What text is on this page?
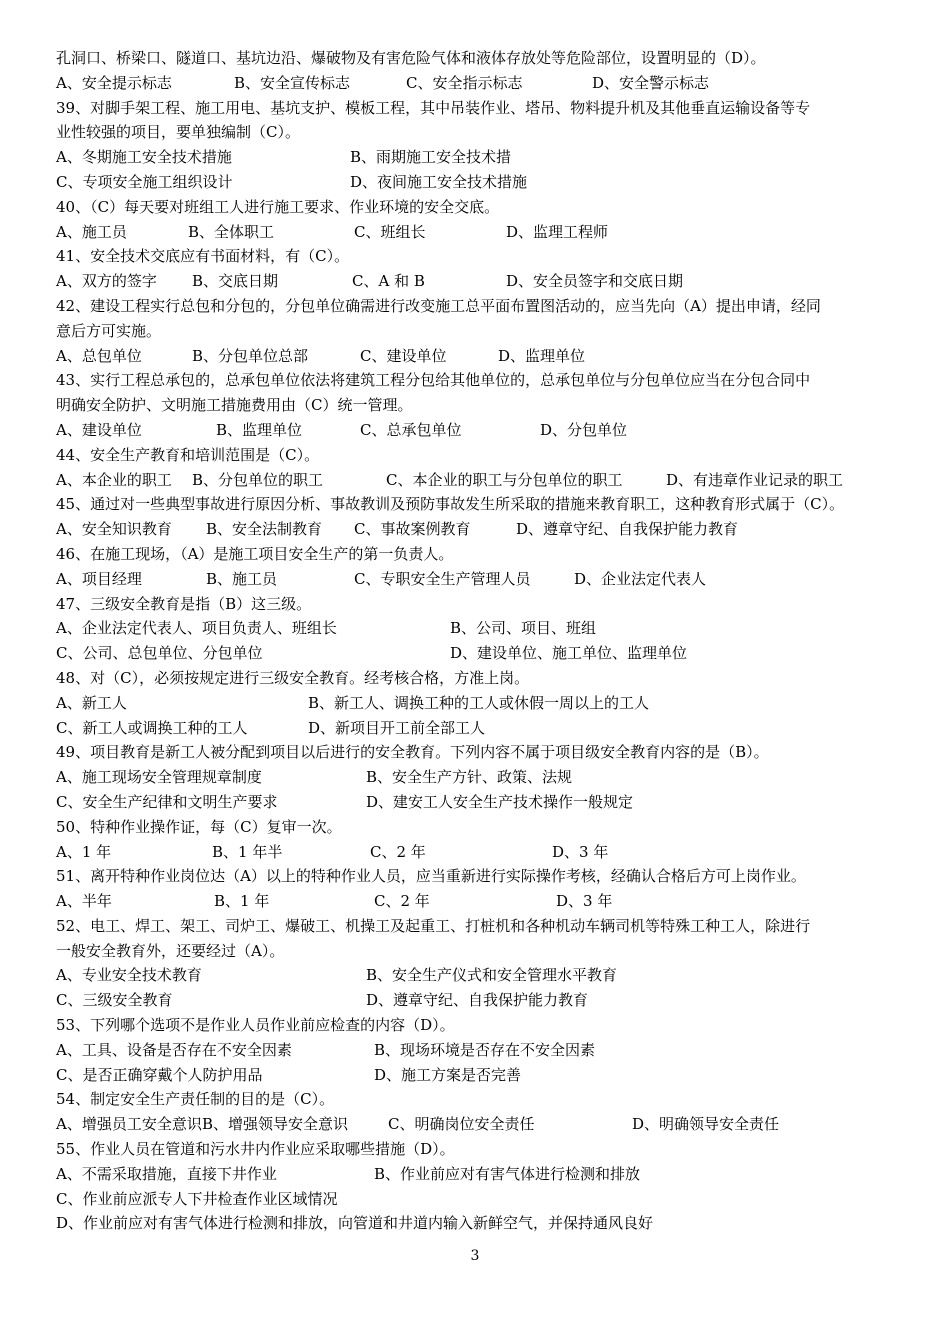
孔洞口、桥梁口、隧道口、基坑边沿、爆破物及有害危险气体和液体存放处等危险部位，设置明显的（D）。
A、安全提示标志	B、安全宣传标志	C、安全指示标志	D、安全警示标志
39、对脚手架工程、施工用电、基坑支护、模板工程，其中吊装作业、塔吊、物料提升机及其他垂直运输设备等专
业性较强的项目，要单独编制（C）。
A、冬期施工安全技术措施	B、雨期施工安全技术措
C、专项安全施工组织设计	D、夜间施工安全技术措施
40、（C）每天要对班组工人进行施工要求、作业环境的安全交底。
A、施工员	B、全体职工	C、班组长	D、监理工程师
41、安全技术交底应有书面材料，有（C）。
A、双方的签字 B、交底日期	C、A 和 B	D、安全员签字和交底日期
42、建设工程实行总包和分包的，分包单位确需进行改变施工总平面布置图活动的，应当先向（A）提出申请，经同
意后方可实施。
A、总包单位	B、分包单位总部	C、建设单位	D、监理单位
43、实行工程总承包的，总承包单位依法将建筑工程分包给其他单位的，总承包单位与分包单位应当在分包合同中
明确安全防护、文明施工措施费用由（C）统一管理。
A、建设单位	B、监理单位	C、总承包单位	D、分包单位
44、安全生产教育和培训范围是（C）。
A、本企业的职工 B、分包单位的职工	C、本企业的职工与分包单位的职工	D、有违章作业记录的职工
45、通过对一些典型事故进行原因分析、事故教训及预防事故发生所采取的措施来教育职工，这种教育形式属于（C）。
A、安全知识教育 B、安全法制教育 C、事故案例教育	D、遵章守纪、自我保护能力教育
46、在施工现场，（A）是施工项目安全生产的第一负责人。
A、项目经理	B、施工员	C、专职安全生产管理人员	D、企业法定代表人
47、三级安全教育是指（B）这三级。
A、企业法定代表人、项目负责人、班组长	B、公司、项目、班组
C、公司、总包单位、分包单位	D、建设单位、施工单位、监理单位
48、对（C），必须按规定进行三级安全教育。经考核合格，方准上岗。
A、新工人	B、新工人、调换工种的工人或休假一周以上的工人
C、新工人或调换工种的工人	D、新项目开工前全部工人
49、项目教育是新工人被分配到项目以后进行的安全教育。下列内容不属于项目级安全教育内容的是（B）。
A、施工现场安全管理规章制度	B、安全生产方针、政策、法规
C、安全生产纪律和文明生产要求	D、建安工人安全生产技术操作一般规定
50、特种作业操作证，每（C）复审一次。
A、1 年	B、1 年半	C、2 年	D、3 年
51、离开特种作业岗位达（A）以上的特种作业人员，应当重新进行实际操作考核，经确认合格后方可上岗作业。
A、半年	B、1 年	C、2 年	D、3 年
52、电工、焊工、架工、司炉工、爆破工、机操工及起重工、打桩机和各种机动车辆司机等特殊工种工人，除进行
一般安全教育外，还要经过（A）。
A、专业安全技术教育	B、安全生产仪式和安全管理水平教育
C、三级安全教育	D、遵章守纪、自我保护能力教育
53、下列哪个选项不是作业人员作业前应检查的内容（D）。
A、工具、设备是否存在不安全因素	B、现场环境是否存在不安全因素
C、是否正确穿戴个人防护用品	D、施工方案是否完善
54、制定安全生产责任制的目的是（C）。
A、增强员工安全意识 B、增强领导安全意识	C、明确岗位安全责任	D、明确领导安全责任
55、作业人员在管道和污水井内作业应采取哪些措施（D）。
A、不需采取措施，直接下井作业	B、作业前应对有害气体进行检测和排放
C、作业前应派专人下井检查作业区域情况
D、作业前应对有害气体进行检测和排放，向管道和井道内输入新鲜空气，并保持通风良好
3
